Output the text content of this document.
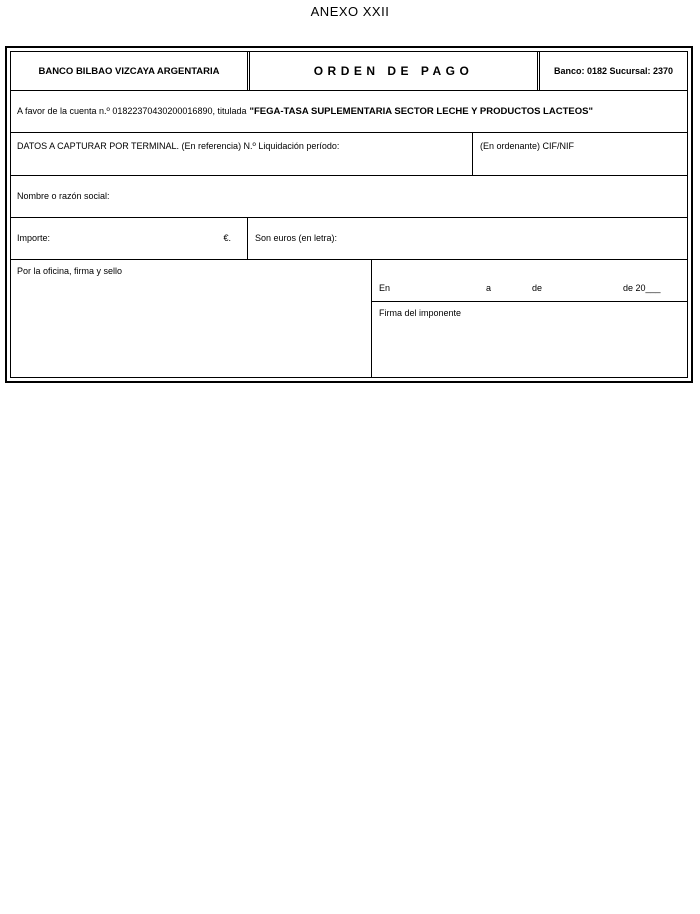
ANEXO XXII
BANCO BILBAO VIZCAYA ARGENTARIA	ORDEN DE PAGO	Banco: 0182 Sucursal: 2370
A favor de la cuenta n.º 01822370430200016890, titulada "FEGA-TASA SUPLEMENTARIA SECTOR LECHE Y PRODUCTOS LACTEOS"
DATOS A CAPTURAR POR TERMINAL. (En referencia) N.º Liquidación período:	(En ordenante) CIF/NIF
Nombre o razón social:
Importe:	€.	Son euros (en letra):
Por la oficina, firma y sello
En	a	de	de 20___
Firma del imponente
